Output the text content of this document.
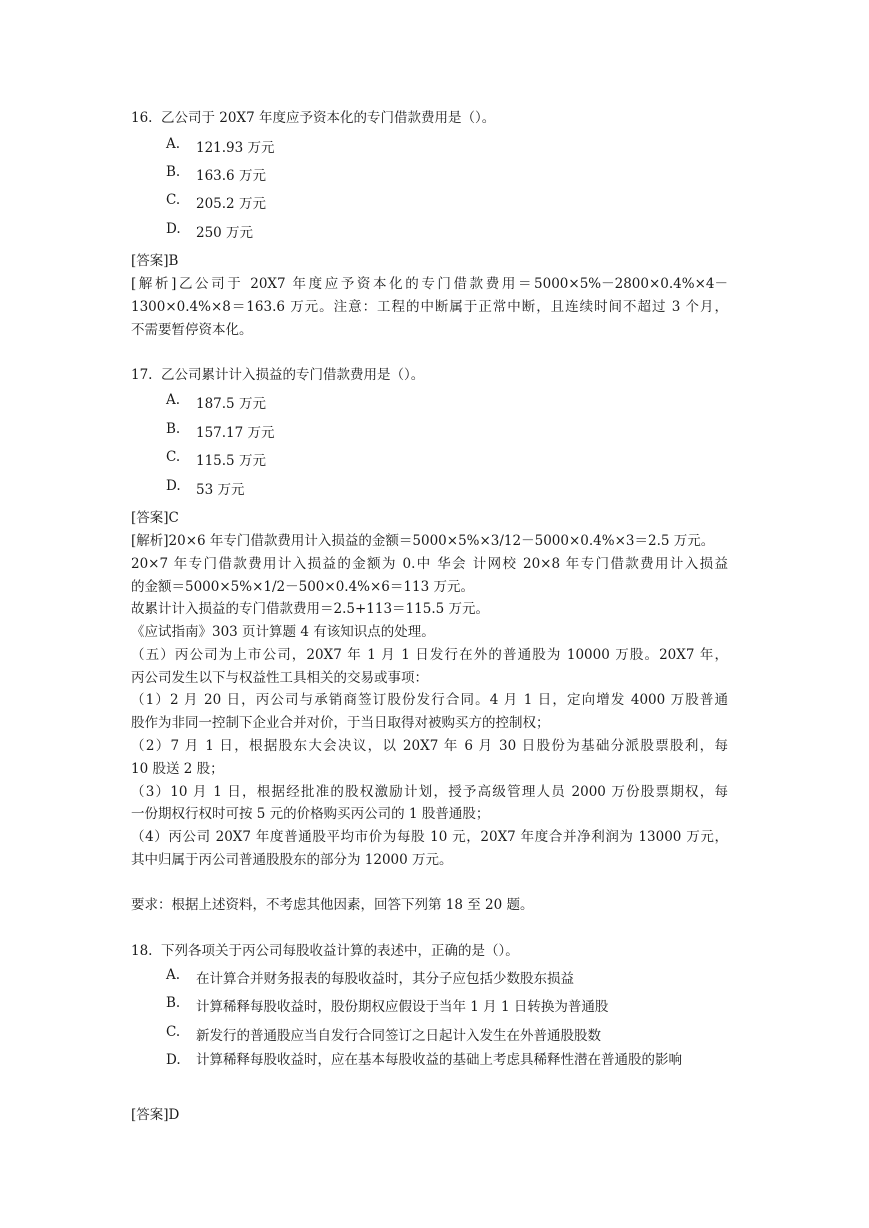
16. 乙公司于 20X7 年度应予资本化的专门借款费用是（）。
A. 121.93 万元
B. 163.6 万元
C. 205.2 万元
D. 250 万元
[答案]B
[解析]乙公司于 20X7 年度应予资本化的专门借款费用＝5000×5%－2800×0.4%×4－
1300×0.4%×8＝163.6 万元。注意：工程的中断属于正常中断，且连续时间不超过 3 个月，
不需要暂停资本化。
17. 乙公司累计计入损益的专门借款费用是（）。
A. 187.5 万元
B. 157.17 万元
C. 115.5 万元
D. 53 万元
[答案]C
[解析]20×6 年专门借款费用计入损益的金额＝5000×5%×3/12－5000×0.4%×3＝2.5 万元。
20×7 年专门借款费用计入损益的金额为 0.中 华会 计网校 20×8 年专门借款费用计入损益
的金额＝5000×5%×1/2－500×0.4%×6＝113 万元。
故累计计入损益的专门借款费用＝2.5+113＝115.5 万元。
《应试指南》303 页计算题 4 有该知识点的处理。
（五）丙公司为上市公司，20X7 年 1 月 1 日发行在外的普通股为 10000 万股。20X7 年，
丙公司发生以下与权益性工具相关的交易或事项：
（1）2 月 20 日，丙公司与承销商签订股份发行合同。4 月 1 日，定向增发 4000 万股普通
股作为非同一控制下企业合并对价，于当日取得对被购买方的控制权；
（2）7 月 1 日，根据股东大会决议，以 20X7 年 6 月 30 日股份为基础分派股票股利，每
10 股送 2 股；
（3）10 月 1 日，根据经批准的股权激励计划，授予高级管理人员 2000 万份股票期权，每
一份期权行权时可按 5 元的价格购买丙公司的 1 股普通股；
（4）丙公司 20X7 年度普通股平均市价为每股 10 元，20X7 年度合并净利润为 13000 万元，
其中归属于丙公司普通股股东的部分为 12000 万元。
要求：根据上述资料，不考虑其他因素，回答下列第 18 至 20 题。
18. 下列各项关于丙公司每股收益计算的表述中，正确的是（）。
A. 在计算合并财务报表的每股收益时，其分子应包括少数股东损益
B. 计算稀释每股收益时，股份期权应假设于当年 1 月 1 日转换为普通股
C. 新发行的普通股应当自发行合同签订之日起计入发生在外普通股股数
D. 计算稀释每股收益时，应在基本每股收益的基础上考虑具稀释性潜在普通股的影响
[答案]D
